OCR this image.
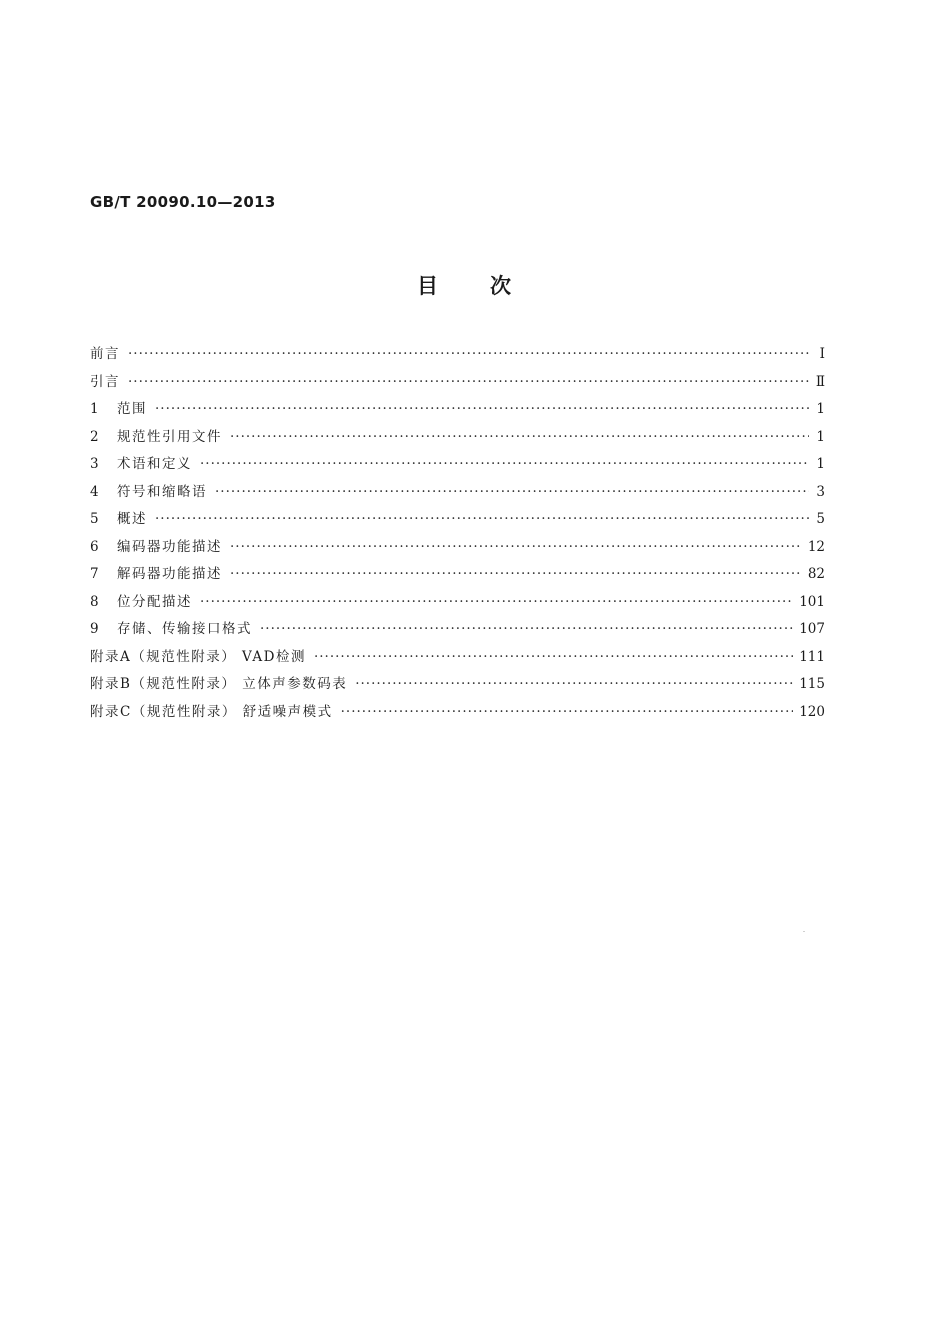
GB/T 20090.10—2013
目次
前言 ·····	Ⅰ
引言 ·····	Ⅱ
1	范围 ·····	1
2	规范性引用文件 ·····	1
3	术语和定义 ·····	1
4	符号和缩略语 ·····	3
5	概述 ·····	5
6	编码器功能描述 ·····	12
7	解码器功能描述 ·····	82
8	位分配描述 ·····	101
9	存储、传输接口格式 ·····	107
附录A（规范性附录） VAD检测 ·····	111
附录B（规范性附录） 立体声参数码表 ·····	115
附录C（规范性附录） 舒适噪声模式 ·····	120
